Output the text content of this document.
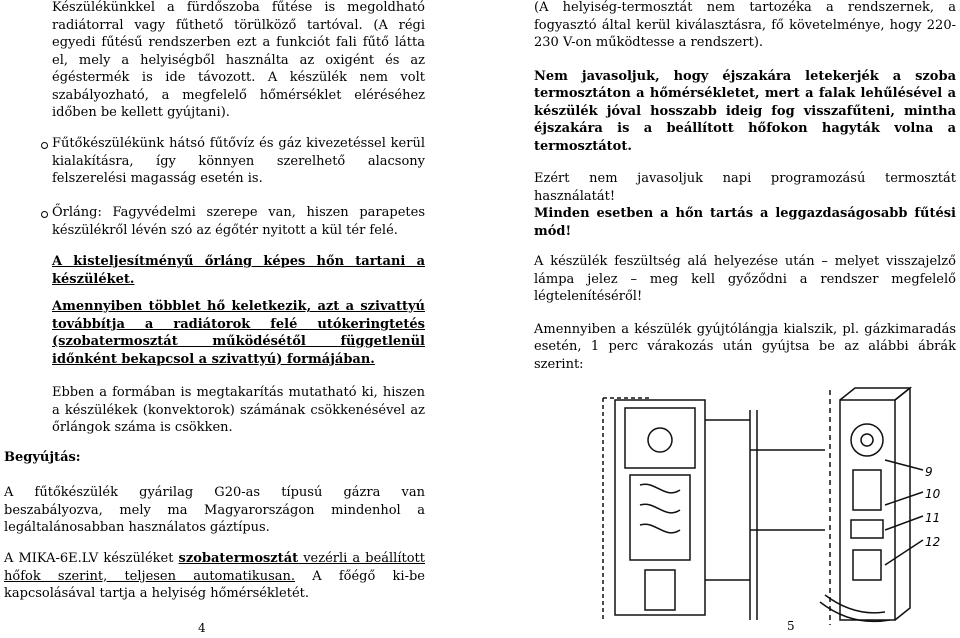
Készülékünkkel a fürdőszoba fűtése is megoldható radiátorral vagy fűthető törülköző tartóval. (A régi egyedi fűtésű rendszerben ezt a funkciót fali fűtő látta el, mely a helyiségből használta az oxigént és az égéstermék is ide távozott. A készülék nem volt szabályozható, a megfelelő hőmérséklet eléréséhez időben be kellett gyújtani).

Fűtőkészülékünk hátsó fűtővíz és gáz kivezetéssel kerül kialakításra, így könnyen szerelhető alacsony felszerelési magasság esetén is.

Őrláng: Fagyvédelmi szerepe van, hiszen parapetes készülékről lévén szó az égőtér nyitott a kül tér felé.

A kisteljesítményű őrláng képes hőn tartani a készüléket.

Amennyiben többlet hő keletkezik, azt a szivattyú továbbítja a radiátorok felé utókeringtetés (szobatermosztát működésétől függetlenül időnként bekapcsol a szivattyú) formájában.

Ebben a formában is megtakarítás mutatható ki, hiszen a készülékek (konvektorok) számának csökkenésével az őrlángok száma is csökken.

Begyújtás:

A fűtőkészülék gyárilag G20-as típusú gázra van beszabályozva, mely ma Magyarországon mindenhol a legáltalánosabban használatos gáztípus.

A MIKA-6E.LV készüléket szobatermosztát vezérli a beállított hőfok szerint, teljesen automatikusan. A főégő ki-be kapcsolásával tartja a helyiség hőmérsékletét.

4

(A helyiség-termosztát nem tartozéka a rendszernek, a fogyasztó által kerül kiválasztásra, fő követelménye, hogy 220-230 V-on működtesse a rendszert).

Nem javasoljuk, hogy éjszakára letekerjék a szoba termosztáton a hőmérsékletet, mert a falak lehűlésével a készülék jóval hosszabb ideig fog visszafűteni, mintha éjszakára is a beállított hőfokon hagyták volna a termosztátot.

Ezért nem javasoljuk napi programozású termosztát használatát!

Minden esetben a hőn tartás a leggazdaságosabb fűtési mód!

A készülék feszültség alá helyezése után – melyet visszajelző lámpa jelez – meg kell győződni a rendszer megfelelő légtelenítéséről!

Amennyiben a készülék gyújtólángja kialszik, pl. gázkimaradás esetén, 1 perc várakozás után gyújtsa be az alábbi ábrák szerint:

9
10
11
12
5
